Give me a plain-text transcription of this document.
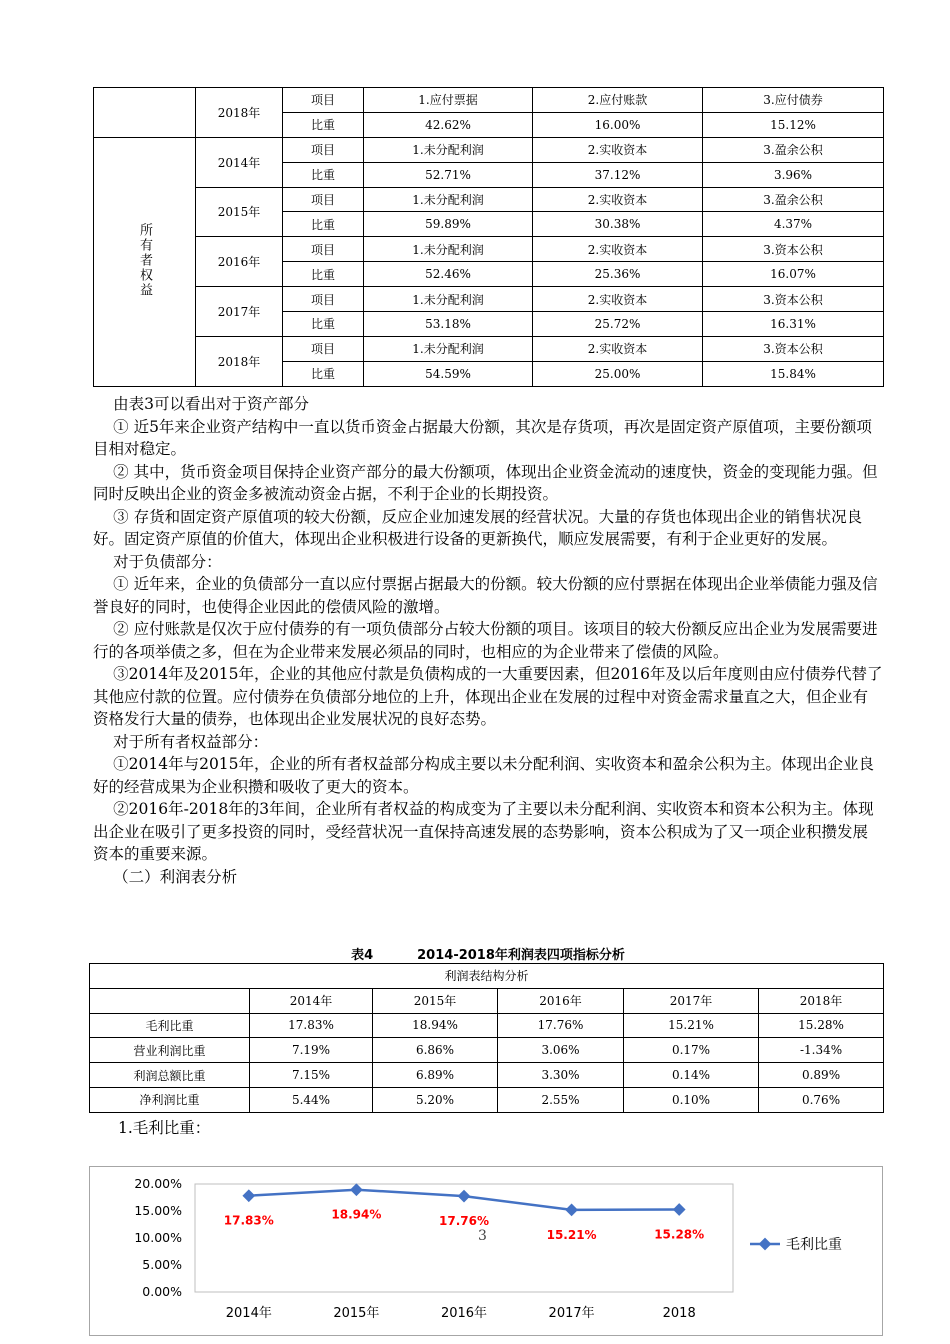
	2018年	项目	1.应付票据	2.应付账款	3.应付债券
		比重	42.62%	16.00%	15.12%
所有者权益	2014年	项目	1.未分配利润	2.实收资本	3.盈余公积
		比重	52.71%	37.12%	3.96%
	2015年	项目	1.未分配利润	2.实收资本	3.盈余公积
		比重	59.89%	30.38%	4.37%
	2016年	项目	1.未分配利润	2.实收资本	3.资本公积
		比重	52.46%	25.36%	16.07%
	2017年	项目	1.未分配利润	2.实收资本	3.资本公积
		比重	53.18%	25.72%	16.31%
	2018年	项目	1.未分配利润	2.实收资本	3.资本公积
		比重	54.59%	25.00%	15.84%

由表3可以看出对于资产部分

① 近5年来企业资产结构中一直以货币资金占据最大份额，其次是存货项，再次是固定资产原值项，主要份额项目相对稳定。

② 其中，货币资金项目保持企业资产部分的最大份额项，体现出企业资金流动的速度快，资金的变现能力强。但同时反映出企业的资金多被流动资金占据，不利于企业的长期投资。

③ 存货和固定资产原值项的较大份额，反应企业加速发展的经营状况。大量的存货也体现出企业的销售状况良好。固定资产原值的价值大，体现出企业积极进行设备的更新换代，顺应发展需要，有利于企业更好的发展。

对于负债部分：

① 近年来，企业的负债部分一直以应付票据占据最大的份额。较大份额的应付票据在体现出企业举债能力强及信誉良好的同时，也使得企业因此的偿债风险的激增。

② 应付账款是仅次于应付债券的有一项负债部分占较大份额的项目。该项目的较大份额反应出企业为发展需要进行的各项举债之多，但在为企业带来发展必须品的同时，也相应的为企业带来了偿债的风险。

③2014年及2015年，企业的其他应付款是负债构成的一大重要因素，但2016年及以后年度则由应付债券代替了其他应付款的位置。应付债券在负债部分地位的上升，体现出企业在发展的过程中对资金需求量直之大，但企业有资格发行大量的债券，也体现出企业发展状况的良好态势。

对于所有者权益部分：

①2014年与2015年，企业的所有者权益部分构成主要以未分配利润、实收资本和盈余公积为主。体现出企业良好的经营成果为企业积攒和吸收了更大的资本。

②2016年-2018年的3年间，企业所有者权益的构成变为了主要以未分配利润、实收资本和资本公积为主。体现出企业在吸引了更多投资的同时，受经营状况一直保持高速发展的态势影响，资本公积成为了又一项企业积攒发展资本的重要来源。

（二）利润表分析

表4	2014-2018年利润表四项指标分析
利润表结构分析					
	2014年	2015年	2016年	2017年	2018年
毛利比重	17.83%	18.94%	17.76%	15.21%	15.28%
营业利润比重	7.19%	6.86%	3.06%	0.17%	-1.34%
利润总额比重	7.15%	6.89%	3.30%	0.14%	0.89%
净利润比重	5.44%	5.20%	2.55%	0.10%	0.76%
1.毛利比重：
0.00%
5.00%
10.00%
15.00%
20.00%
2014年	2015年	2016年	2017年	2018
17.83%	18.94%	17.76%
15.21%	15.28%
毛利比重
3
